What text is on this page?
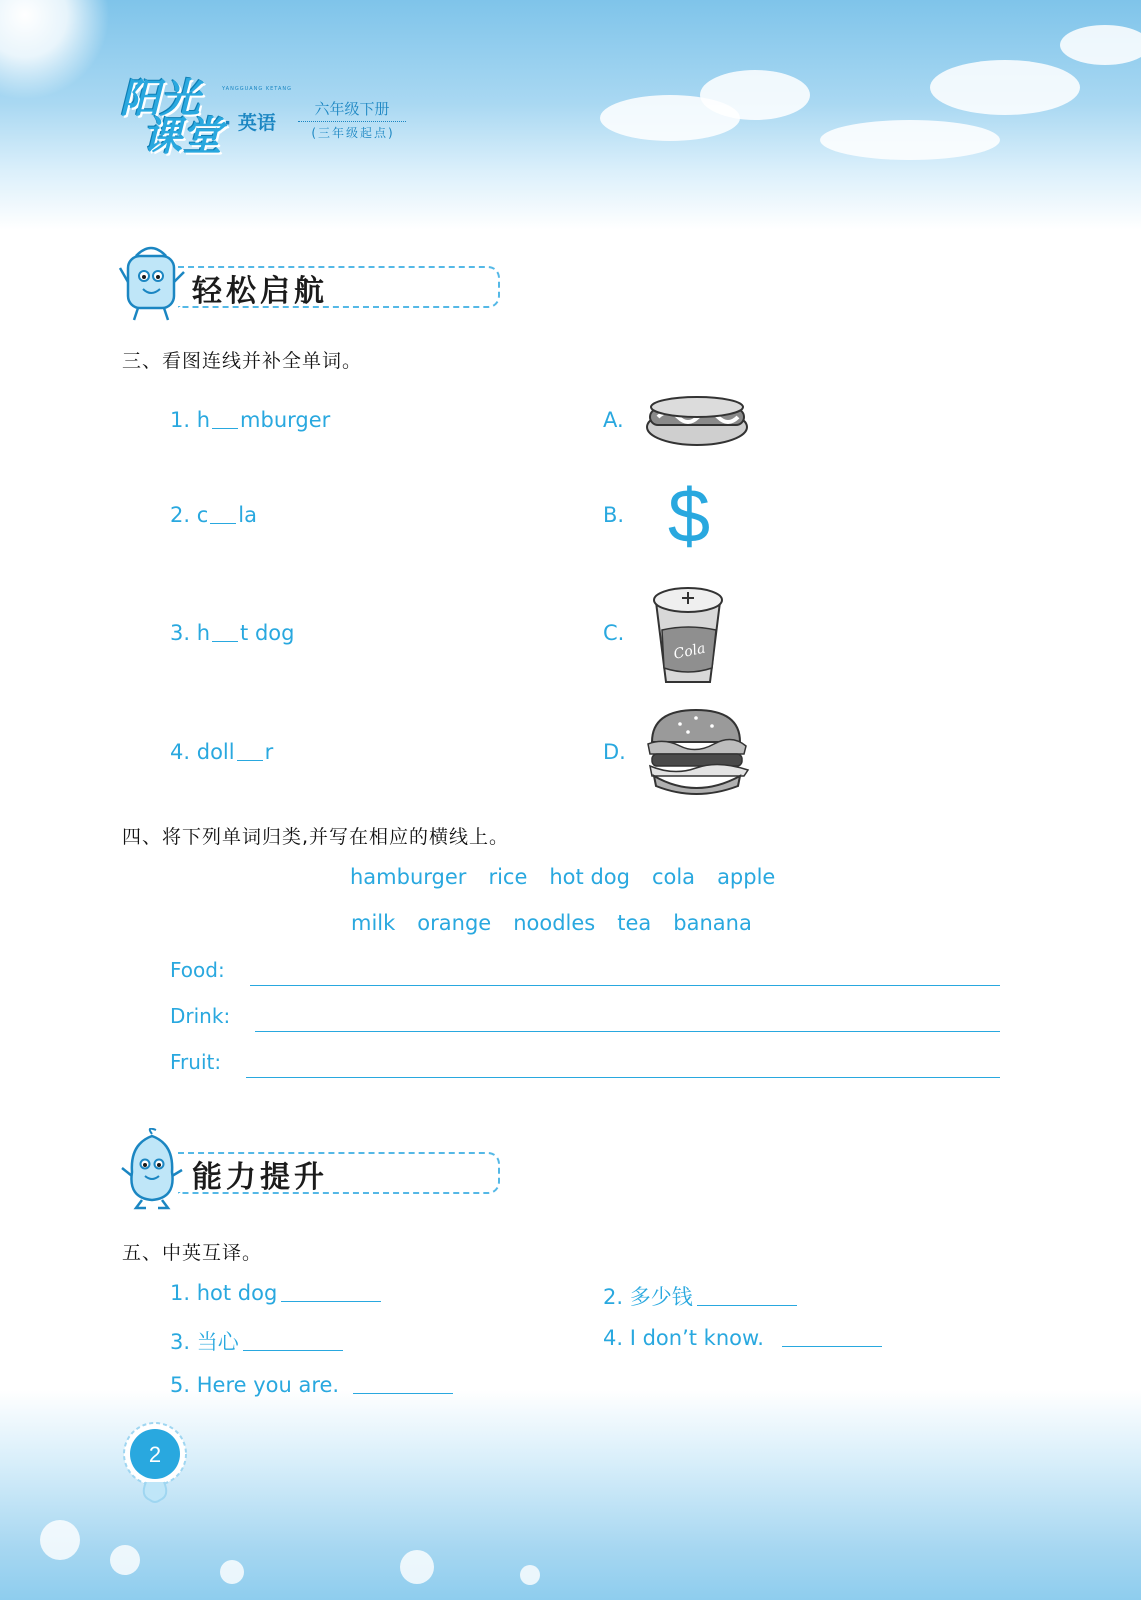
阳光
课堂
YANGGUANG KETANG
· 英语
六年级下册
(三年级起点)
轻松启航
三、看图连线并补全单词。
1. h mburger
2. c la
3. h t dog
4. doll r
A.
B.
C.
D.
$
Cola
四、将下列单词归类,并写在相应的横线上。
hamburger rice hot dog cola apple
milk orange noodles tea banana
Food:
Drink:
Fruit:
能力提升
五、中英互译。
1. hot dog	2. 多少钱
3. 当心	4. I don’t know.
5. Here you are.
2
